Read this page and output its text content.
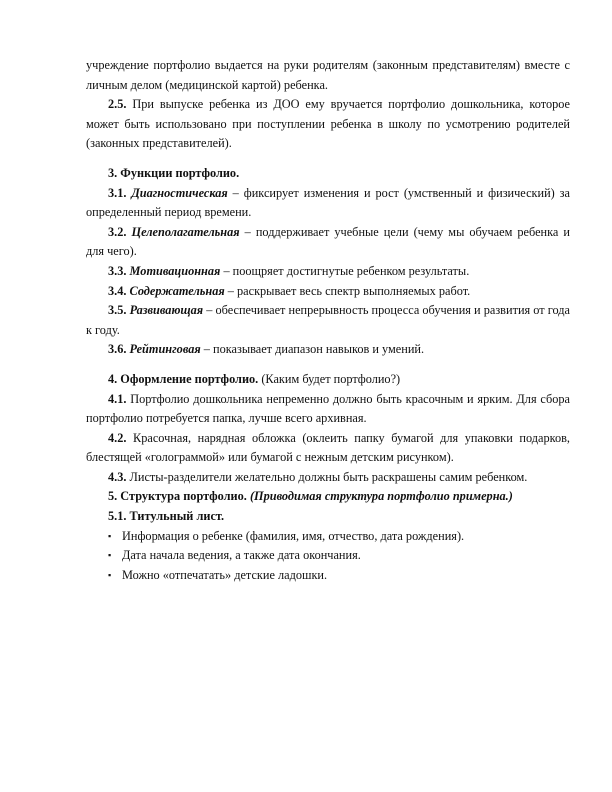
учреждение портфолио выдается на руки родителям (законным представителям) вместе с личным делом (медицинской картой) ребенка.

2.5. При выпуске ребенка из ДОО ему вручается портфолио дошкольника, которое может быть использовано при поступлении ребенка в школу по усмотрению родителей (законных представителей).

3. Функции портфолио.

3.1. Диагностическая – фиксирует изменения и рост (умственный и физический) за определенный период времени.

3.2. Целеполагательная – поддерживает учебные цели (чему мы обучаем ребенка и для чего).

3.3. Мотивационная – поощряет достигнутые ребенком результаты.

3.4. Содержательная – раскрывает весь спектр выполняемых работ.

3.5. Развивающая – обеспечивает непрерывность процесса обучения и развития от года к году.

3.6. Рейтинговая – показывает диапазон навыков и умений.

4. Оформление портфолио. (Каким будет портфолио?)

4.1. Портфолио дошкольника непременно должно быть красочным и ярким. Для сбора портфолио потребуется папка, лучше всего архивная.

4.2. Красочная, нарядная обложка (оклеить папку бумагой для упаковки подарков, блестящей «голограммой» или бумагой с нежным детским рисунком).

4.3. Листы-разделители желательно должны быть раскрашены самим ребенком.

5. Структура портфолио. (Приводимая структура портфолио примерна.)

5.1. Титульный лист.

▪ Информация о ребенке (фамилия, имя, отчество, дата рождения).
▪ Дата начала ведения, а также дата окончания.
▪ Можно «отпечатать» детские ладошки.
